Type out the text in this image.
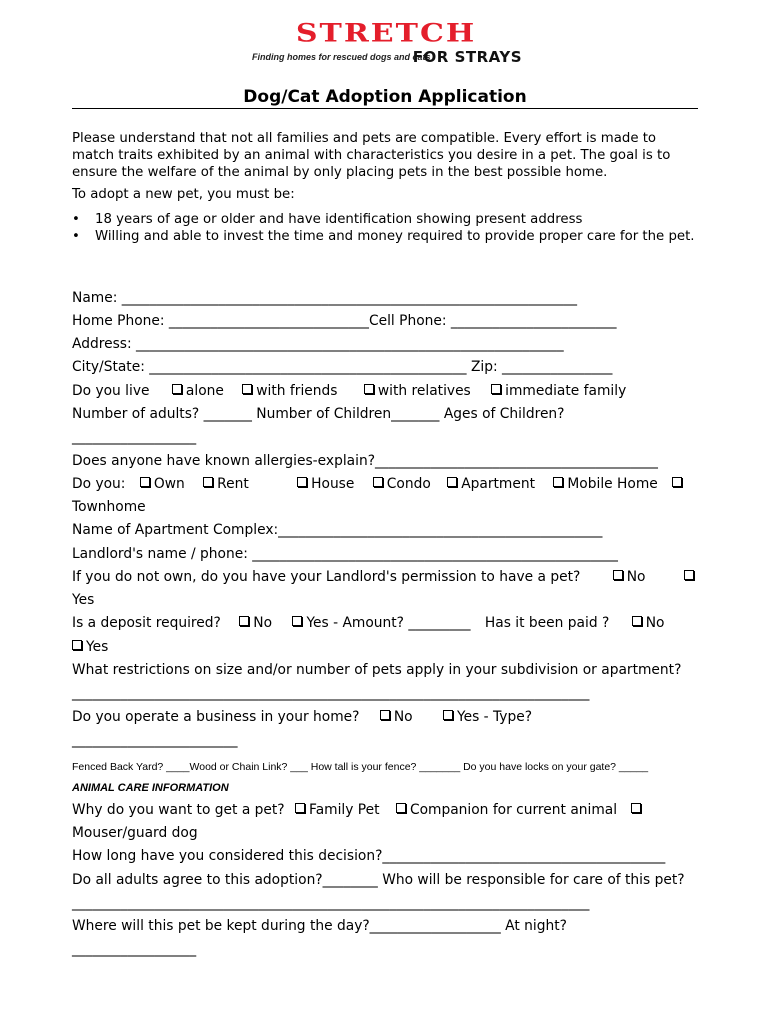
STRETCH
Finding homes for rescued dogs and cats
FOR STRAYS
Dog/Cat Adoption Application
Please understand that not all families and pets are compatible. Every effort is made to match traits exhibited by an animal with characteristics you desire in a pet. The goal is to ensure the welfare of the animal by only placing pets in the best possible home.
To adopt a new pet, you must be:
• 18 years of age or older and have identification showing present address
• Willing and able to invest the time and money required to provide proper care for the pet.
Name: __________________________________________________________________
Home Phone: _____________________________Cell Phone: ________________________
Address: ______________________________________________________________
City/State: ______________________________________________ Zip: ________________
Do you live	alone with friends	with relatives immediate family
Number of adults? _______ Number of Children_______ Ages of Children?
__________________
Does anyone have known allergies-explain?_________________________________________
Do you: Own Rent	House Condo Apartment Mobile Home
Townhome
Name of Apartment Complex:_______________________________________________
Landlord's name / phone: _____________________________________________________
If you do not own, do you have your Landlord's permission to have a pet?	No
Yes
Is a deposit required? No Yes - Amount? _________ Has it been paid ?	No
Yes
What restrictions on size and/or number of pets apply in your subdivision or apartment?
___________________________________________________________________________
Do you operate a business in your home? No	Yes - Type?
________________________
Fenced Back Yard? ____Wood or Chain Link? ___ How tall is your fence? _______ Do you have locks on your gate? _____
ANIMAL CARE INFORMATION
Why do you want to get a pet? Family Pet Companion for current animal
Mouser/guard dog
How long have you considered this decision?_________________________________________
Do all adults agree to this adoption?________ Who will be responsible for care of this pet?
___________________________________________________________________________
Where will this pet be kept during the day?___________________ At night?
__________________
